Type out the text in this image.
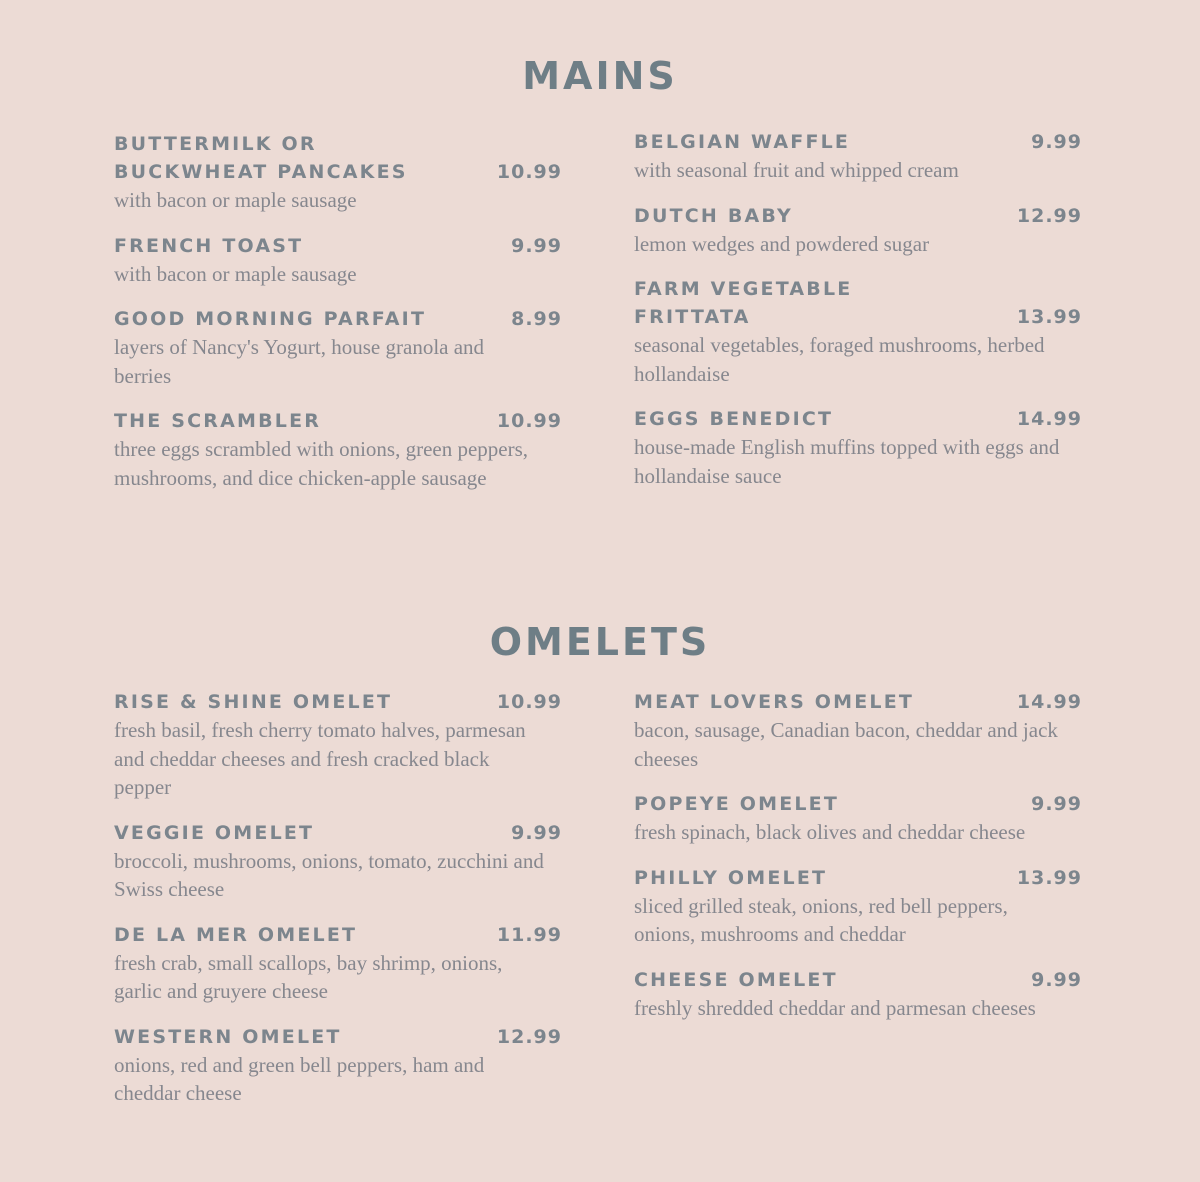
MAINS
BUTTERMILK OR BUCKWHEAT PANCAKES	10.99
with bacon or maple sausage
FRENCH TOAST	9.99
with bacon or maple sausage
GOOD MORNING PARFAIT	8.99
layers of Nancy's Yogurt, house granola and berries
THE SCRAMBLER	10.99
three eggs scrambled with onions, green peppers, mushrooms, and dice chicken-apple sausage
BELGIAN WAFFLE	9.99
with seasonal fruit and whipped cream
DUTCH BABY	12.99
lemon wedges and powdered sugar
FARM VEGETABLE FRITTATA	13.99
seasonal vegetables, foraged mushrooms, herbed hollandaise
EGGS BENEDICT	14.99
house-made English muffins topped with eggs and hollandaise sauce
OMELETS
RISE & SHINE OMELET	10.99
fresh basil, fresh cherry tomato halves, parmesan and cheddar cheeses and fresh cracked black pepper
VEGGIE OMELET	9.99
broccoli, mushrooms, onions, tomato, zucchini and Swiss cheese
DE LA MER OMELET	11.99
fresh crab, small scallops, bay shrimp, onions, garlic and gruyere cheese
WESTERN OMELET	12.99
onions, red and green bell peppers, ham and cheddar cheese
MEAT LOVERS OMELET	14.99
bacon, sausage, Canadian bacon, cheddar and jack cheeses
POPEYE OMELET	9.99
fresh spinach, black olives and cheddar cheese
PHILLY OMELET	13.99
sliced grilled steak, onions, red bell peppers, onions, mushrooms and cheddar
CHEESE OMELET	9.99
freshly shredded cheddar and parmesan cheeses
